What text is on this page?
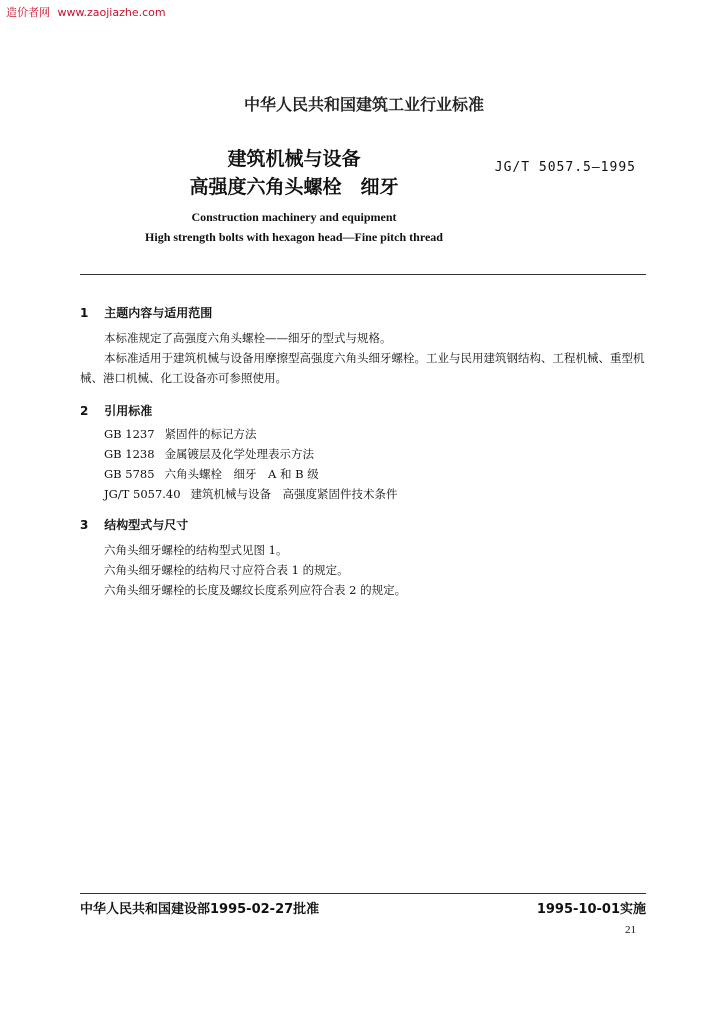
造价者网 www.zaojiazhe.com
中华人民共和国建筑工业行业标准
建筑机械与设备
高强度六角头螺栓　细牙
JG/T 5057.5—1995
Construction machinery and equipment
High strength bolts with hexagon head—Fine pitch thread
1 主题内容与适用范围
本标准规定了高强度六角头螺栓——细牙的型式与规格。
本标准适用于建筑机械与设备用摩擦型高强度六角头细牙螺栓。工业与民用建筑钢结构、工程机械、重型机械、港口机械、化工设备亦可参照使用。
2 引用标准
GB 1237 紧固件的标记方法
GB 1238 金属镀层及化学处理表示方法
GB 5785 六角头螺栓　细牙　A 和 B 级
JG/T 5057.40 建筑机械与设备　高强度紧固件技术条件
3 结构型式与尺寸
六角头细牙螺栓的结构型式见图 1。
六角头细牙螺栓的结构尺寸应符合表 1 的规定。
六角头细牙螺栓的长度及螺纹长度系列应符合表 2 的规定。
中华人民共和国建设部1995-02-27批准	1995-10-01实施
21
